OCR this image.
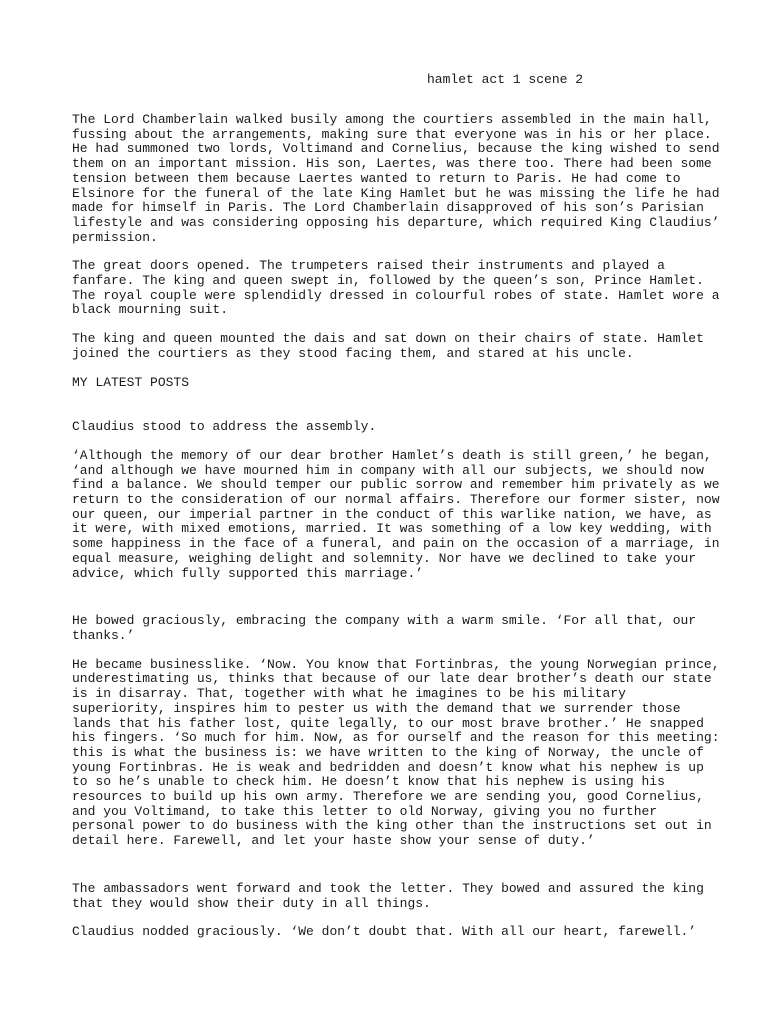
hamlet act 1 scene 2

The Lord Chamberlain walked busily among the courtiers assembled in the main hall,
fussing about the arrangements, making sure that everyone was in his or her place.
He had summoned two lords, Voltimand and Cornelius, because the king wished to send
them on an important mission. His son, Laertes, was there too. There had been some
tension between them because Laertes wanted to return to Paris. He had come to
Elsinore for the funeral of the late King Hamlet but he was missing the life he had
made for himself in Paris. The Lord Chamberlain disapproved of his son’s Parisian
lifestyle and was considering opposing his departure, which required King Claudius’
permission.

The great doors opened. The trumpeters raised their instruments and played a
fanfare. The king and queen swept in, followed by the queen’s son, Prince Hamlet.
The royal couple were splendidly dressed in colourful robes of state. Hamlet wore a
black mourning suit.

The king and queen mounted the dais and sat down on their chairs of state. Hamlet
joined the courtiers as they stood facing them, and stared at his uncle.

MY LATEST POSTS

Claudius stood to address the assembly.

‘Although the memory of our dear brother Hamlet’s death is still green,’ he began,
‘and although we have mourned him in company with all our subjects, we should now
find a balance. We should temper our public sorrow and remember him privately as we
return to the consideration of our normal affairs. Therefore our former sister, now
our queen, our imperial partner in the conduct of this warlike nation, we have, as
it were, with mixed emotions, married. It was something of a low key wedding, with
some happiness in the face of a funeral, and pain on the occasion of a marriage, in
equal measure, weighing delight and solemnity. Nor have we declined to take your
advice, which fully supported this marriage.’

He bowed graciously, embracing the company with a warm smile. ‘For all that, our
thanks.’

He became businesslike. ‘Now. You know that Fortinbras, the young Norwegian prince,
underestimating us, thinks that because of our late dear brother’s death our state
is in disarray. That, together with what he imagines to be his military
superiority, inspires him to pester us with the demand that we surrender those
lands that his father lost, quite legally, to our most brave brother.’ He snapped
his fingers. ‘So much for him. Now, as for ourself and the reason for this meeting:
this is what the business is: we have written to the king of Norway, the uncle of
young Fortinbras. He is weak and bedridden and doesn’t know what his nephew is up
to so he’s unable to check him. He doesn’t know that his nephew is using his
resources to build up his own army. Therefore we are sending you, good Cornelius,
and you Voltimand, to take this letter to old Norway, giving you no further
personal power to do business with the king other than the instructions set out in
detail here. Farewell, and let your haste show your sense of duty.’

The ambassadors went forward and took the letter. They bowed and assured the king
that they would show their duty in all things.

Claudius nodded graciously. ‘We don’t doubt that. With all our heart, farewell.’
